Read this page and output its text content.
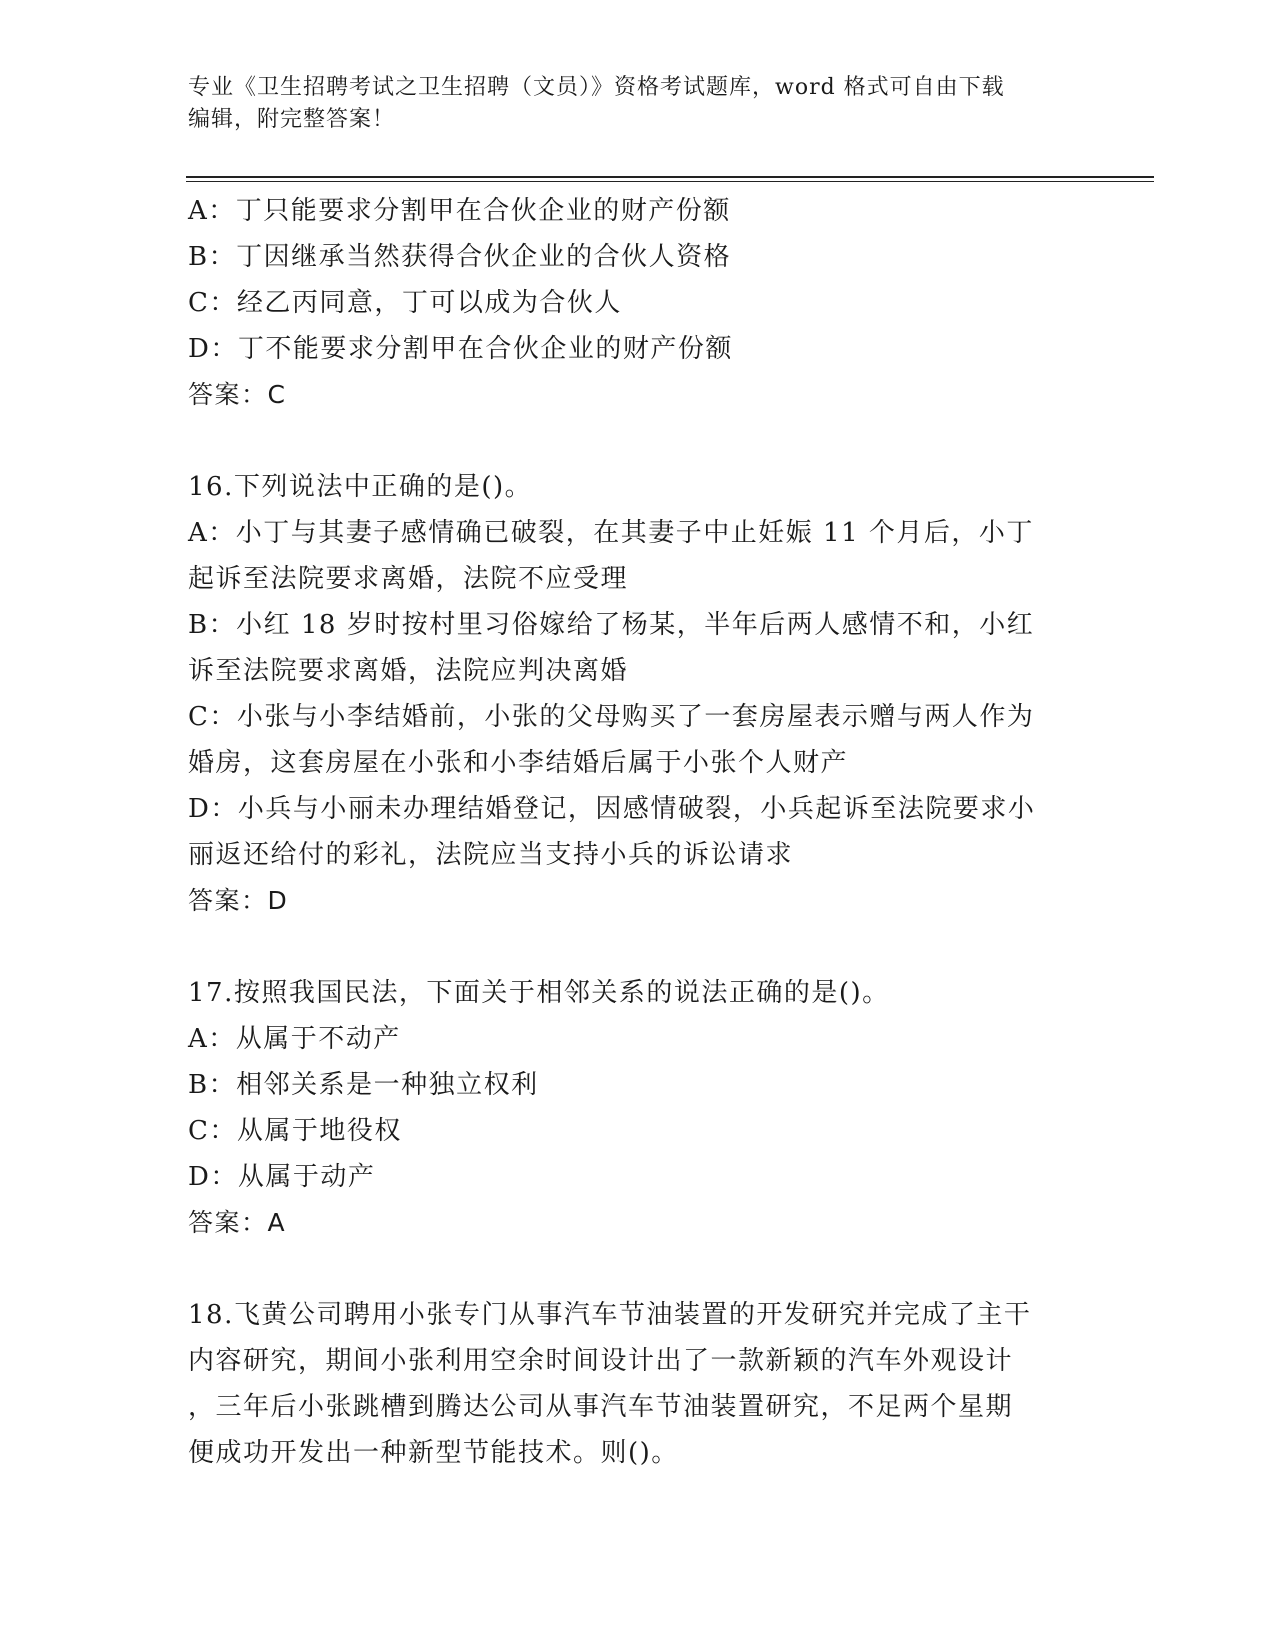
专业《卫生招聘考试之卫生招聘（文员）》资格考试题库，word 格式可自由下载
编辑，附完整答案！
A：丁只能要求分割甲在合伙企业的财产份额
B：丁因继承当然获得合伙企业的合伙人资格
C：经乙丙同意，丁可以成为合伙人
D：丁不能要求分割甲在合伙企业的财产份额
答案：C
16.下列说法中正确的是()。
A：小丁与其妻子感情确已破裂，在其妻子中止妊娠 11 个月后，小丁
起诉至法院要求离婚，法院不应受理
B：小红 18 岁时按村里习俗嫁给了杨某，半年后两人感情不和，小红
诉至法院要求离婚，法院应判决离婚
C：小张与小李结婚前，小张的父母购买了一套房屋表示赠与两人作为
婚房，这套房屋在小张和小李结婚后属于小张个人财产
D：小兵与小丽未办理结婚登记，因感情破裂，小兵起诉至法院要求小
丽返还给付的彩礼，法院应当支持小兵的诉讼请求
答案：D
17.按照我国民法，下面关于相邻关系的说法正确的是()。
A：从属于不动产
B：相邻关系是一种独立权利
C：从属于地役权
D：从属于动产
答案：A
18.飞黄公司聘用小张专门从事汽车节油装置的开发研究并完成了主干
内容研究，期间小张利用空余时间设计出了一款新颖的汽车外观设计
，三年后小张跳槽到腾达公司从事汽车节油装置研究，不足两个星期
便成功开发出一种新型节能技术。则()。
